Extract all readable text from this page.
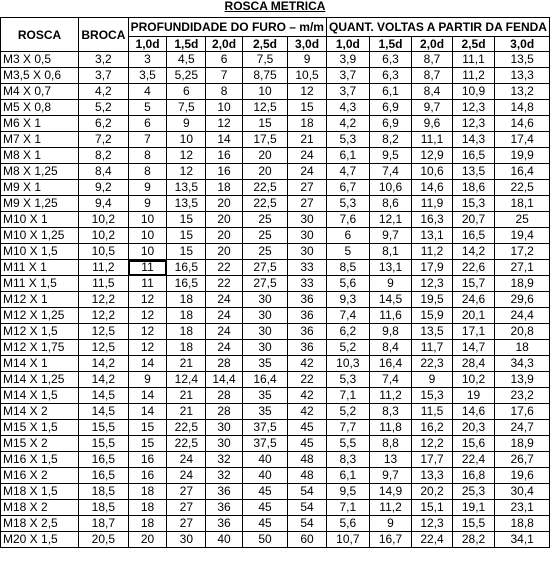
ROSCA METRICA
ROSCA	BROCA	PROFUNDIDADE DO FURO – m/m					QUANT. VOLTAS A PARTIR DA FENDA				
		1,0d	1,5d	2,0d	2,5d	3,0d	1,0d	1,5d	2,0d	2,5d	3,0d
M3 X 0,5	3,2	3	4,5	6	7,5	9	3,9	6,3	8,7	11,1	13,5
M3,5 X 0,6	3,7	3,5	5,25	7	8,75	10,5	3,7	6,3	8,7	11,2	13,3
M4 X 0,7	4,2	4	6	8	10	12	3,7	6,1	8,4	10,9	13,2
M5 X 0,8	5,2	5	7,5	10	12,5	15	4,3	6,9	9,7	12,3	14,8
M6 X 1	6,2	6	9	12	15	18	4,2	6,9	9,6	12,3	14,6
M7 X 1	7,2	7	10	14	17,5	21	5,3	8,2	11,1	14,3	17,4
M8 X 1	8,2	8	12	16	20	24	6,1	9,5	12,9	16,5	19,9
M8 X 1,25	8,4	8	12	16	20	24	4,7	7,4	10,6	13,5	16,4
M9 X 1	9,2	9	13,5	18	22,5	27	6,7	10,6	14,6	18,6	22,5
M9 X 1,25	9,4	9	13,5	20	22,5	27	5,3	8,6	11,9	15,3	18,1
M10 X 1	10,2	10	15	20	25	30	7,6	12,1	16,3	20,7	25
M10 X 1,25	10,2	10	15	20	25	30	6	9,7	13,1	16,5	19,4
M10 X 1,5	10,5	10	15	20	25	30	5	8,1	11,2	14,2	17,2
M11 X 1	11,2	11	16,5	22	27,5	33	8,5	13,1	17,9	22,6	27,1
M11 X 1,5	11,5	11	16,5	22	27,5	33	5,6	9	12,3	15,7	18,9
M12 X 1	12,2	12	18	24	30	36	9,3	14,5	19,5	24,6	29,6
M12 X 1,25	12,2	12	18	24	30	36	7,4	11,6	15,9	20,1	24,4
M12 X 1,5	12,5	12	18	24	30	36	6,2	9,8	13,5	17,1	20,8
M12 X 1,75	12,5	12	18	24	30	36	5,2	8,4	11,7	14,7	18
M14 X 1	14,2	14	21	28	35	42	10,3	16,4	22,3	28,4	34,3
M14 X 1,25	14,2	9	12,4	14,4	16,4	22	5,3	7,4	9	10,2	13,9
M14 X 1,5	14,5	14	21	28	35	42	7,1	11,2	15,3	19	23,2
M14 X 2	14,5	14	21	28	35	42	5,2	8,3	11,5	14,6	17,6
M15 X 1,5	15,5	15	22,5	30	37,5	45	7,7	11,8	16,2	20,3	24,7
M15 X 2	15,5	15	22,5	30	37,5	45	5,5	8,8	12,2	15,6	18,9
M16 X 1,5	16,5	16	24	32	40	48	8,3	13	17,7	22,4	26,7
M16 X 2	16,5	16	24	32	40	48	6,1	9,7	13,3	16,8	19,6
M18 X 1,5	18,5	18	27	36	45	54	9,5	14,9	20,2	25,3	30,4
M18 X 2	18,5	18	27	36	45	54	7,1	11,2	15,1	19,1	23,1
M18 X 2,5	18,7	18	27	36	45	54	5,6	9	12,3	15,5	18,8
M20 X 1,5	20,5	20	30	40	50	60	10,7	16,7	22,4	28,2	34,1
